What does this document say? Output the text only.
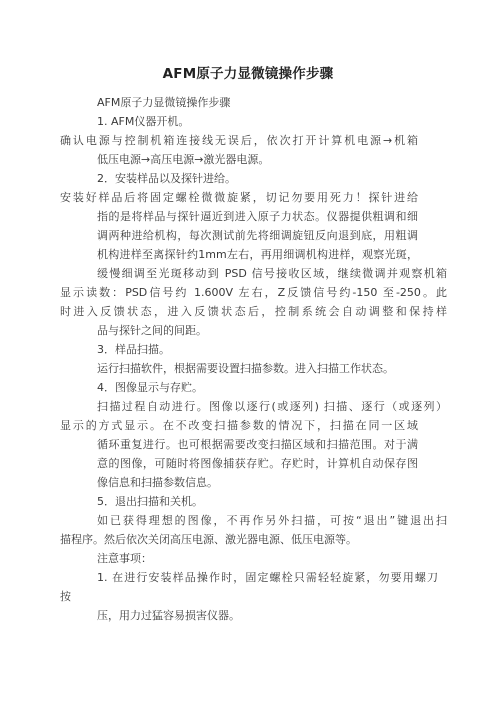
AFM原子力显微镜操作步骤
AFM原子力显微镜操作步骤
1. AFM仪器开机。
确认电源与控制机箱连接线无误后，依次打开计算机电源→机箱
低压电源→高压电源→激光器电源。
2．安装样品以及探针进给。
安装好样品后将固定螺栓微微旋紧，切记勿要用死力！探针进给
指的是将样品与探针逼近到进入原子力状态。仪器提供粗调和细
调两种进给机构，每次测试前先将细调旋钮反向退到底，用粗调
机构进样至离探针约1mm左右，再用细调机构进样，观察光斑，
缓慢细调至光斑移动到 PSD 信号接收区域，继续微调并观察机箱
显示读数：PSD信号约 1.600V 左右，Z反馈信号约-150 至-250。此
时进入反馈状态，进入反馈状态后，控制系统会自动调整和保持样
品与探针之间的间距。
3．样品扫描。
运行扫描软件，根据需要设置扫描参数。进入扫描工作状态。
4．图像显示与存贮。
扫描过程自动进行。图像以逐行(或逐列) 扫描、逐行（或逐列）
显示的方式显示。在不改变扫描参数的情况下，扫描在同一区域
循环重复进行。也可根据需要改变扫描区域和扫描范围。对于满
意的图像，可随时将图像捕获存贮。存贮时，计算机自动保存图
像信息和扫描参数信息。
5．退出扫描和关机。
如已获得理想的图像，不再作另外扫描，可按“退出”键退出扫
描程序。然后依次关闭高压电源、激光器电源、低压电源等。
注意事项：
1. 在进行安装样品操作时，固定螺栓只需轻轻旋紧，勿要用螺刀
按
压，用力过猛容易损害仪器。
